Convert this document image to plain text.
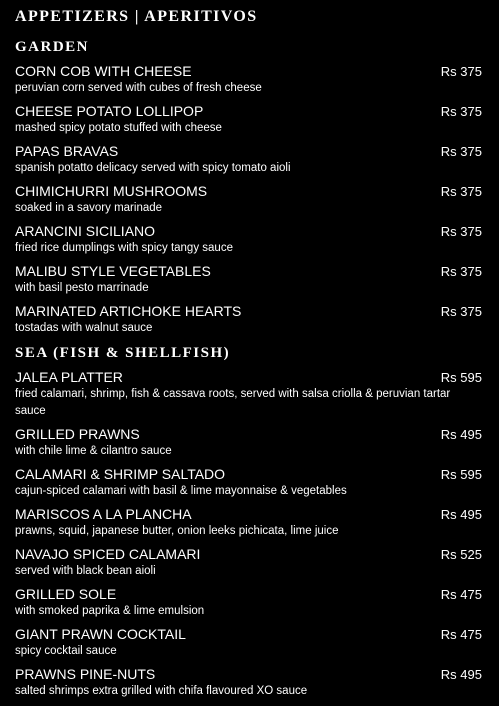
APPETIZERS | APERITIVOS
GARDEN
CORN COB WITH CHEESE
peruvian corn served with cubes of fresh cheese
Rs 375
CHEESE POTATO LOLLIPOP
mashed spicy potato stuffed with cheese
Rs 375
PAPAS BRAVAS
spanish potatto delicacy served with spicy tomato aioli
Rs 375
CHIMICHURRI MUSHROOMS
soaked in a savory marinade
Rs 375
ARANCINI SICILIANO
fried rice dumplings with spicy tangy sauce
Rs 375
MALIBU STYLE VEGETABLES
with basil pesto marrinade
Rs 375
MARINATED ARTICHOKE HEARTS
tostadas with walnut sauce
Rs 375
SEA (FISH & SHELLFISH)
JALEA PLATTER
fried calamari, shrimp, fish & cassava roots, served with salsa criolla & peruvian tartar sauce
Rs 595
GRILLED PRAWNS
with chile lime & cilantro sauce
Rs 495
CALAMARI & SHRIMP SALTADO
cajun-spiced calamari with basil & lime mayonnaise & vegetables
Rs 595
MARISCOS A LA PLANCHA
prawns, squid, japanese butter, onion leeks pichicata, lime juice
Rs 495
NAVAJO SPICED CALAMARI
served with black bean aioli
Rs 525
GRILLED SOLE
with smoked paprika & lime emulsion
Rs 475
GIANT PRAWN COCKTAIL
spicy cocktail sauce
Rs 475
PRAWNS PINE-NUTS
salted shrimps extra grilled with chifa flavoured XO sauce
Rs 495
